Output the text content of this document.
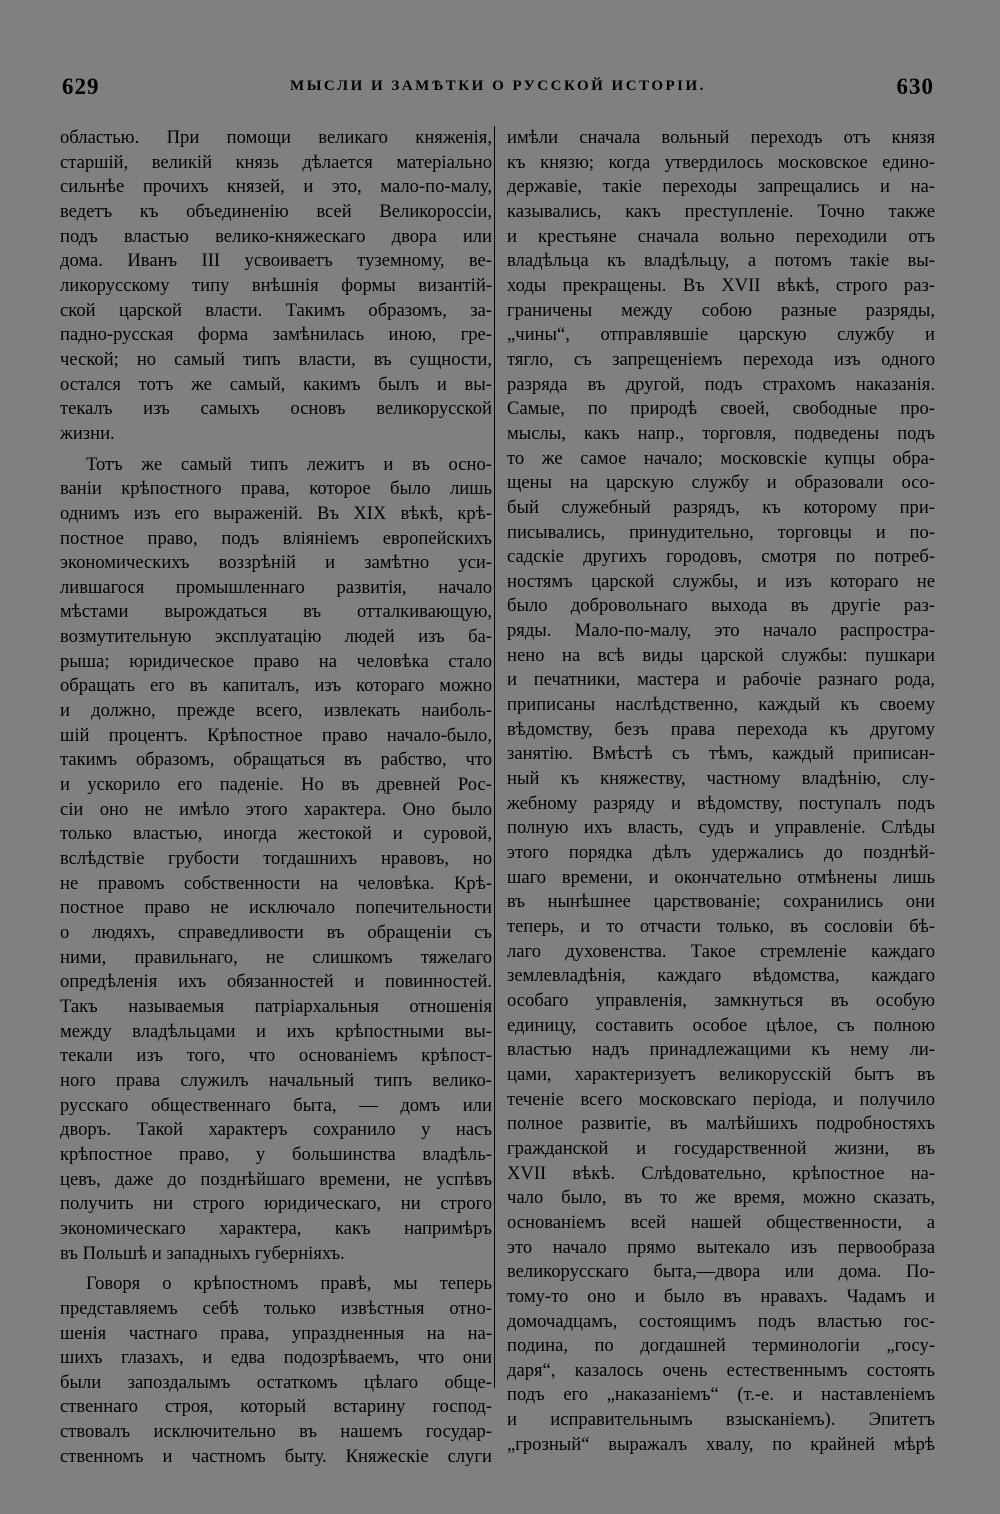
629	МЫСЛИ И ЗАМѢТКИ О РУССКОЙ ИСТОРІИ.	630
областью. При помощи великаго княженія,
старшій, великій князь дѣлается матеріально
сильнѣе прочихъ князей, и это, мало-по-малу,
ведетъ къ объединенію всей Великороссіи,
подъ властью велико-княжескаго двора или
дома. Иванъ III усвоиваетъ туземному, ве-
ликорусскому типу внѣшнія формы византій-
ской царской власти. Такимъ образомъ, за-
падно-русская форма замѣнилась иною, гре-
ческой; но самый типъ власти, въ сущности,
остался тотъ же самый, какимъ былъ и вы-
текалъ изъ самыхъ основъ великорусской
жизни.
Тотъ же самый типъ лежитъ и въ осно-
ваніи крѣпостного права, которое было лишь
однимъ изъ его выраженій. Въ XIX вѣкѣ, крѣ-
постное право, подъ вліяніемъ европейскихъ
экономическихъ воззрѣній и замѣтно уси-
лившагося промышленнаго развитія, начало
мѣстами вырождаться въ отталкивающую,
возмутительную эксплуатацію людей изъ ба-
рыша; юридическое право на человѣка стало
обращать его въ капиталъ, изъ котораго можно
и должно, прежде всего, извлекать наиболь-
шій процентъ. Крѣпостное право начало-было,
такимъ образомъ, обращаться въ рабство, что
и ускорило его паденіе. Но въ древней Рос-
сіи оно не имѣло этого характера. Оно было
только властью, иногда жестокой и суровой,
вслѣдствіе грубости тогдашнихъ нравовъ, но
не правомъ собственности на человѣка. Крѣ-
постное право не исключало попечительности
о людяхъ, справедливости въ обращеніи съ
ними, правильнаго, не слишкомъ тяжелаго
опредѣленія ихъ обязанностей и повинностей.
Такъ называемыя патріархальныя отношенія
между владѣльцами и ихъ крѣпостными вы-
текали изъ того, что основаніемъ крѣпост-
ного права служилъ начальный типъ велико-
русскаго общественнаго быта, — домъ или
дворъ. Такой характеръ сохранило у насъ
крѣпостное право, у большинства владѣль-
цевъ, даже до позднѣйшаго времени, не успѣвъ
получить ни строго юридическаго, ни строго
экономическаго характера, какъ напримѣръ
въ Польшѣ и западныхъ губерніяхъ.
Говоря о крѣпостномъ правѣ, мы теперь
представляемъ себѣ только извѣстныя отно-
шенія частнаго права, упраздненныя на на-
шихъ глазахъ, и едва подозрѣваемъ, что они
были запоздалымъ остаткомъ цѣлаго обще-
ственнаго строя, который встарину господ-
ствовалъ исключительно въ нашемъ государ-
ственномъ и частномъ быту. Княжескіе слуги
имѣли сначала вольный переходъ отъ князя
къ князю; когда утвердилось московское едино-
державіе, такіе переходы запрещались и на-
казывались, какъ преступленіе. Точно также
и крестьяне сначала вольно переходили отъ
владѣльца къ владѣльцу, а потомъ такіе вы-
ходы прекращены. Въ XVII вѣкѣ, строго раз-
граничены между собою разные разряды,
„чины“, отправлявшіе царскую службу и
тягло, съ запрещеніемъ перехода изъ одного
разряда въ другой, подъ страхомъ наказанія.
Самые, по природѣ своей, свободные про-
мыслы, какъ напр., торговля, подведены подъ
то же самое начало; московскіе купцы обра-
щены на царскую службу и образовали осо-
бый служебный разрядъ, къ которому при-
писывались, принудительно, торговцы и по-
садскіе другихъ городовъ, смотря по потреб-
ностямъ царской службы, и изъ котораго не
было добровольнаго выхода въ другіе раз-
ряды. Мало-по-малу, это начало распростра-
нено на всѣ виды царской службы: пушкари
и печатники, мастера и рабочіе разнаго рода,
приписаны наслѣдственно, каждый къ своему
вѣдомству, безъ права перехода къ другому
занятію. Вмѣстѣ съ тѣмъ, каждый приписан-
ный къ княжеству, частному владѣнію, слу-
жебному разряду и вѣдомству, поступалъ подъ
полную ихъ власть, судъ и управленіе. Слѣды
этого порядка дѣлъ удержались до позднѣй-
шаго времени, и окончательно отмѣнены лишь
въ нынѣшнее царствованіе; сохранились они
теперь, и то отчасти только, въ сословіи бѣ-
лаго духовенства. Такое стремленіе каждаго
землевладѣнія, каждаго вѣдомства, каждаго
особаго управленія, замкнуться въ особую
единицу, составить особое цѣлое, съ полною
властью надъ принадлежащими къ нему ли-
цами, характеризуетъ великорусскій бытъ въ
теченіе всего московскаго періода, и получило
полное развитіе, въ малѣйшихъ подробностяхъ
гражданской и государственной жизни, въ
XVII вѣкѣ. Слѣдовательно, крѣпостное на-
чало было, въ то же время, можно сказать,
основаніемъ всей нашей общественности, а
это начало прямо вытекало изъ первообраза
великорусскаго быта,—двора или дома. По-
тому-то оно и было въ нравахъ. Чадамъ и
домочадцамъ, состоящимъ подъ властью гос-
подина, по догдашней терминологіи „госу-
даря“, казалось очень естественнымъ состоять
подъ его „наказаніемъ“ (т.-е. и наставленіемъ
и исправительнымъ взысканіемъ). Эпитетъ
„грозный“ выражалъ хвалу, по крайней мѣрѣ
